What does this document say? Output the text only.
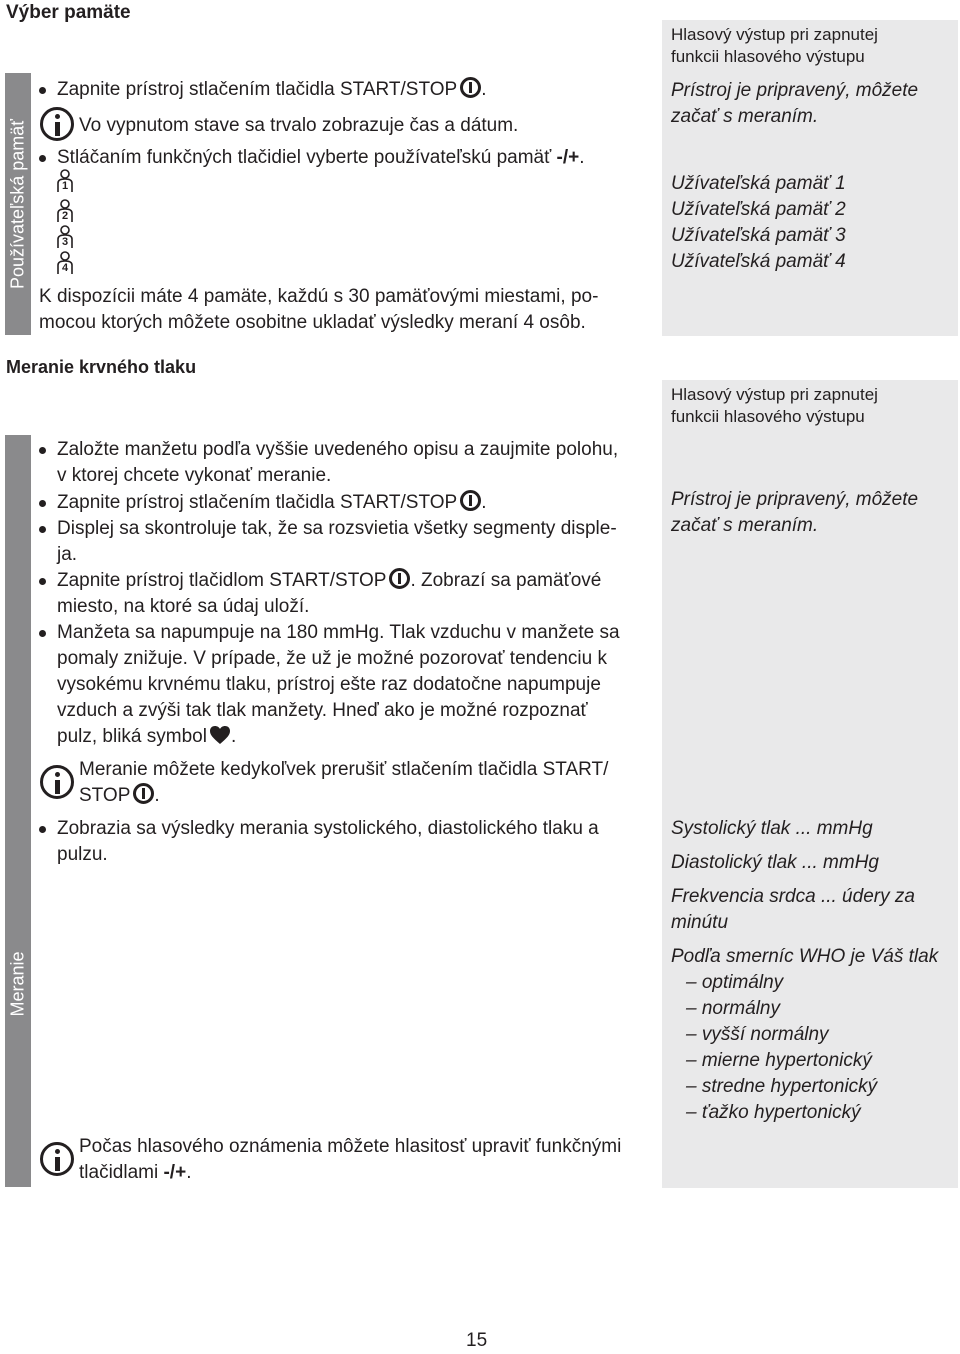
Výber pamäte
Používateľská pamäť
Zapnite prístroj stlačením tlačidla START/STOP .
Vo vypnutom stave sa trvalo zobrazuje čas a dátum.
Stláčaním funkčných tlačidiel vyberte používateľskú pamäť -/+.
1
2
3
4
K dispozícii máte 4 pamäte, každú s 30 pamäťovými miestami, po-
mocou ktorých môžete osobitne ukladať výsledky meraní 4 osôb.
Hlasový výstup pri zapnutej
funkcii hlasového výstupu
Prístroj je pripravený, môžete
začať s meraním.
Užívateľská pamäť 1
Užívateľská pamäť 2
Užívateľská pamäť 3
Užívateľská pamäť 4
Meranie krvného tlaku
Meranie
Založte manžetu podľa vyššie uvedeného opisu a zaujmite polohu,
v ktorej chcete vykonať meranie.
Zapnite prístroj stlačením tlačidla START/STOP .
Displej sa skontroluje tak, že sa rozsvietia všetky segmenty disple-
ja.
Zapnite prístroj tlačidlom START/STOP . Zobrazí sa pamäťové
miesto, na ktoré sa údaj uloží.
Manžeta sa napumpuje na 180 mmHg. Tlak vzduchu v manžete sa
pomaly znižuje. V prípade, že už je možné pozorovať tendenciu k
vysokému krvnému tlaku, prístroj ešte raz dodatočne napumpuje
vzduch a zvýši tak tlak manžety. Hneď ako je možné rozpoznať
pulz, bliká symbol .
Meranie môžete kedykoľvek prerušiť stlačením tlačidla START/
STOP .
Zobrazia sa výsledky merania systolického, diastolického tlaku a
pulzu.
Počas hlasového oznámenia môžete hlasitosť upraviť funkčnými
tlačidlami -/+.
Hlasový výstup pri zapnutej
funkcii hlasového výstupu
Prístroj je pripravený, môžete
začať s meraním.
Systolický tlak ... mmHg
Diastolický tlak ... mmHg
Frekvencia srdca ... údery za
minútu
Podľa smerníc WHO je Váš tlak
– optimálny
– normálny
– vyšší normálny
– mierne hypertonický
– stredne hypertonický
– ťažko hypertonický
15
